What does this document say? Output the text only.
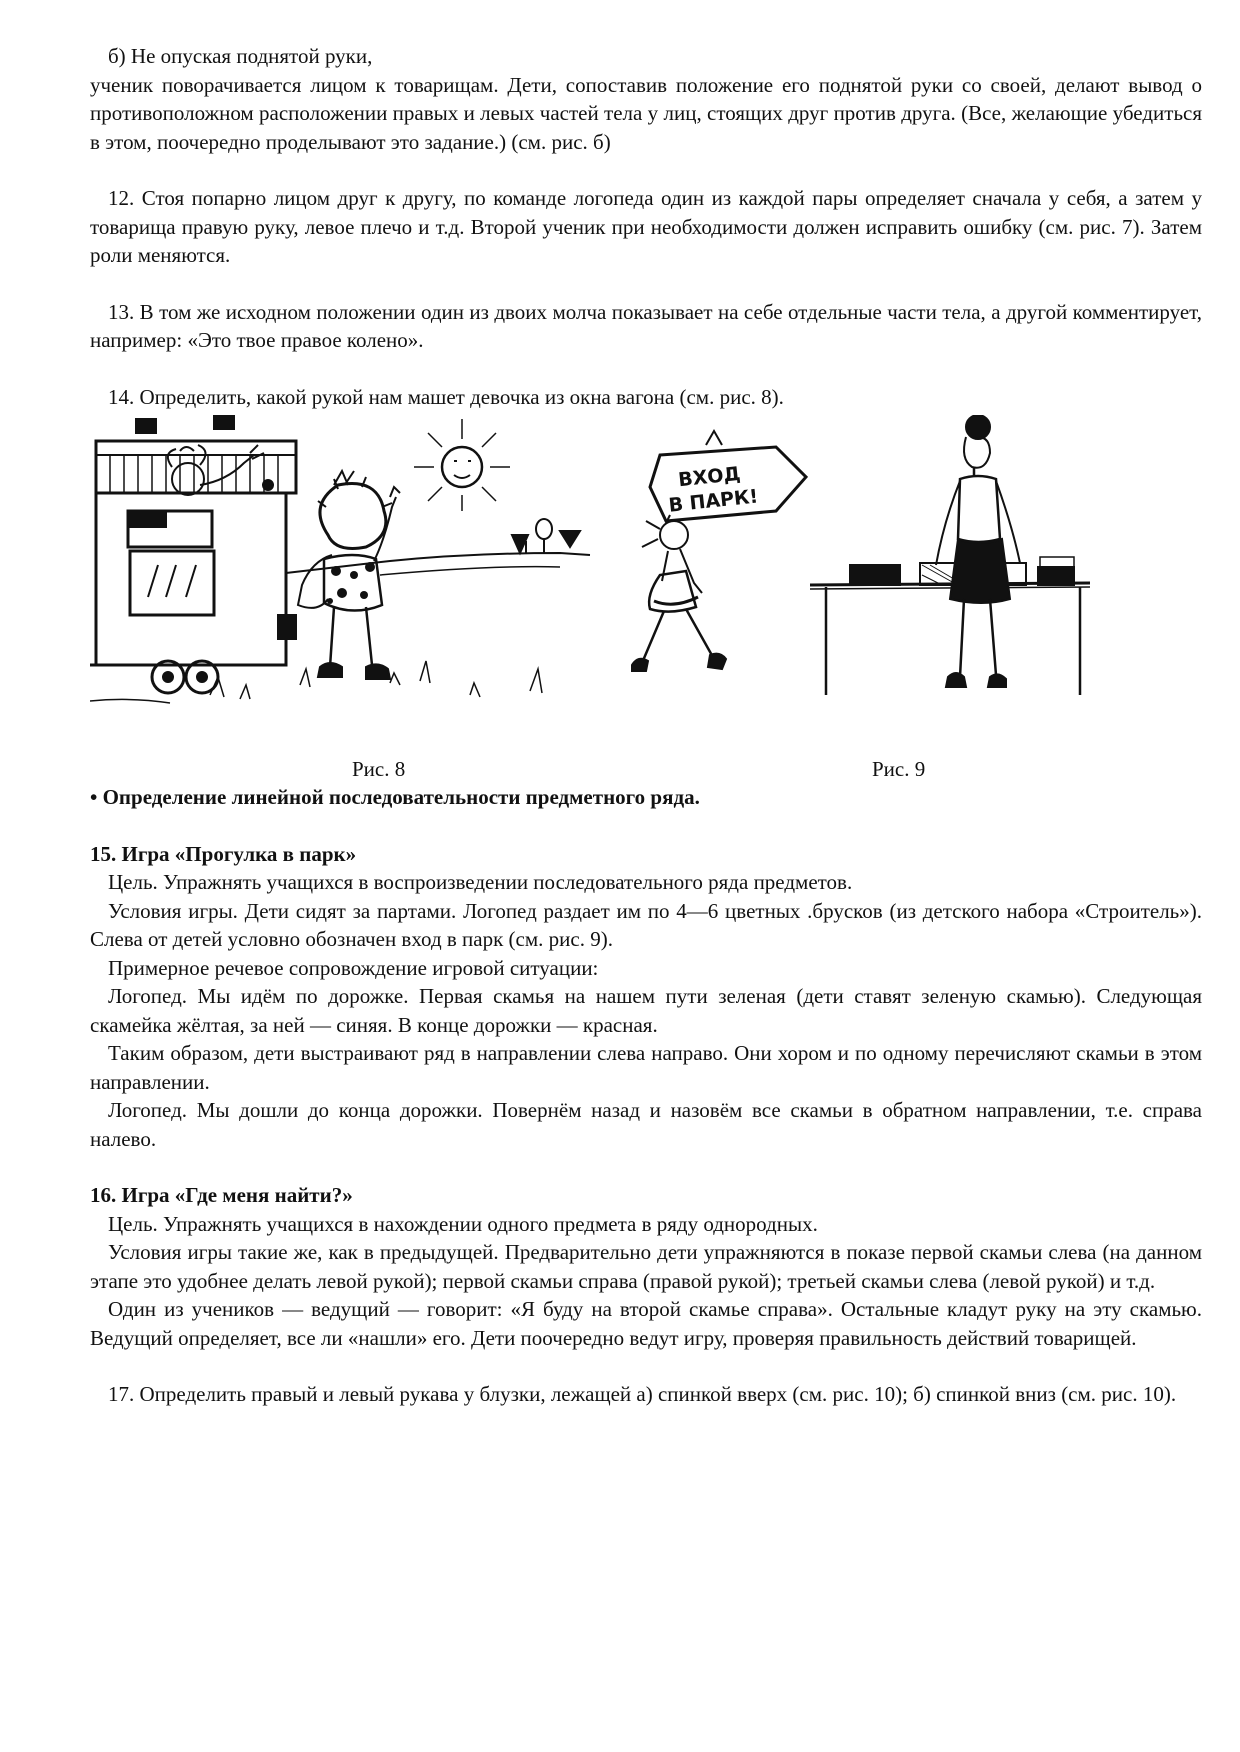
б) Не опуская поднятой руки,

ученик поворачивается лицом к товарищам. Дети, сопоставив положение его поднятой руки со своей, делают вывод о противоположном расположении правых и левых частей тела у лиц, стоящих друг против друга. (Все, желающие убедиться в этом, поочередно проделывают это задание.) (см. рис. б)

12. Стоя попарно лицом друг к другу, по команде логопеда один из каждой пары определяет сначала у себя, а затем у товарища правую руку, левое плечо и т.д. Второй ученик при необходимости должен исправить ошибку (см. рис. 7). Затем роли меняются.

13. В том же исходном положении один из двоих молча показывает на себе отдельные части тела, а другой комментирует, например: «Это твое правое колено».

14. Определить, какой рукой нам машет девочка из окна вагона (см. рис. 8).

ВХОД
В ПАРК!
Рис. 8	Рис. 9

• Определение линейной последовательности предметного ряда.

15. Игра «Прогулка в парк»

Цель. Упражнять учащихся в воспроизведении последовательного ряда предметов.

Условия игры. Дети сидят за партами. Логопед раздает им по 4—6 цветных .брусков (из детского набора «Строитель»). Слева от детей условно обозначен вход в парк (см. рис. 9).

Примерное речевое сопровождение игровой ситуации:

Логопед. Мы идём по дорожке. Первая скамья на нашем пути зеленая (дети ставят зеленую скамью). Следующая скамейка жёлтая, за ней — синяя. В конце дорожки — красная.

Таким образом, дети выстраивают ряд в направлении слева направо. Они хором и по одному перечисляют скамьи в этом направлении.

Логопед. Мы дошли до конца дорожки. Повернём назад и назовём все скамьи в обратном направлении, т.е. справа налево.

16. Игра «Где меня найти?»

Цель. Упражнять учащихся в нахождении одного предмета в ряду однородных.

Условия игры такие же, как в предыдущей. Предварительно дети упражняются в показе первой скамьи слева (на данном этапе это удобнее делать левой рукой); первой скамьи справа (правой рукой); третьей скамьи слева (левой рукой) и т.д.

Один из учеников — ведущий — говорит: «Я буду на второй скамье справа». Остальные кладут руку на эту скамью. Ведущий определяет, все ли «нашли» его. Дети поочередно ведут игру, проверяя правильность действий товарищей.

17. Определить правый и левый рукава у блузки, лежащей а) спинкой вверх (см. рис. 10); б) спинкой вниз (см. рис. 10).
